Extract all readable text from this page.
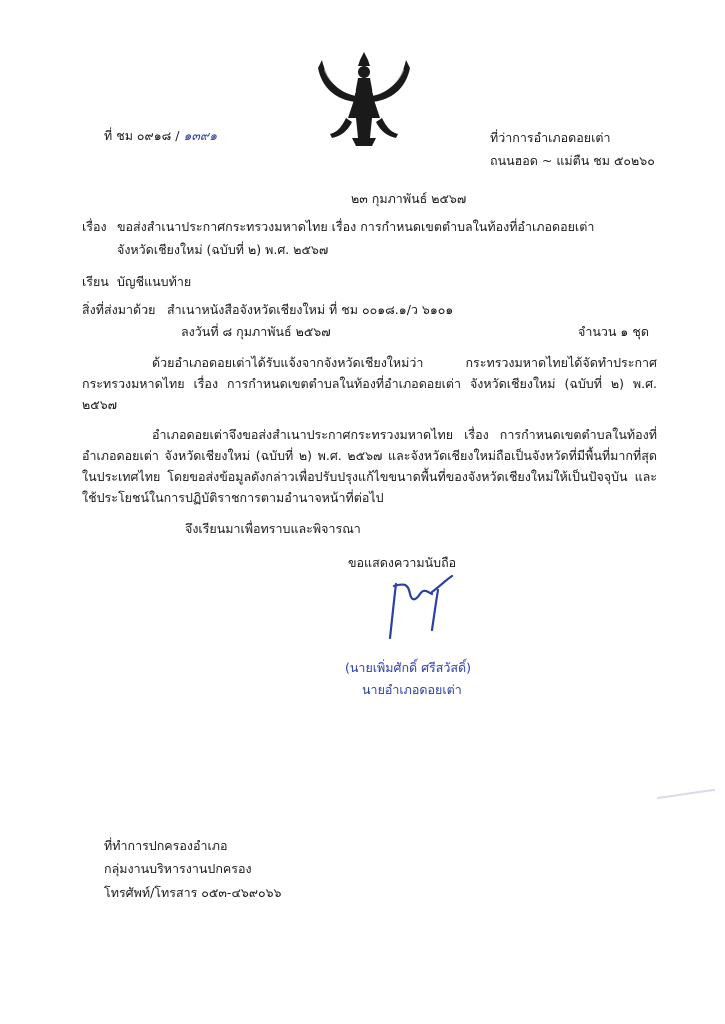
ที่ ชม ๐๙๑๘ / ๑๓๙๑	ที่ว่าการอำเภอดอยเต่า
ถนนฮอด ~ แม่ตืน ชม ๕๐๒๖๐
๒๓ กุมภาพันธ์ ๒๕๖๗
เรื่อง ขอส่งสำเนาประกาศกระทรวงมหาดไทย เรื่อง การกำหนดเขตตำบลในท้องที่อำเภอดอยเต่า
จังหวัดเชียงใหม่ (ฉบับที่ ๒) พ.ศ. ๒๕๖๗
เรียน บัญชีแนบท้าย
สิ่งที่ส่งมาด้วย สำเนาหนังสือจังหวัดเชียงใหม่ ที่ ชม ๐๐๑๘.๑/ว ๖๑๐๑
ลงวันที่ ๘ กุมภาพันธ์ ๒๕๖๗	จำนวน ๑ ชุด
ด้วยอำเภอดอยเต่าได้รับแจ้งจากจังหวัดเชียงใหม่ว่า กระทรวงมหาดไทยได้จัดทำประกาศกระทรวงมหาดไทย เรื่อง การกำหนดเขตตำบลในท้องที่อำเภอดอยเต่า จังหวัดเชียงใหม่ (ฉบับที่ ๒) พ.ศ. ๒๕๖๗
อำเภอดอยเต่าจึงขอส่งสำเนาประกาศกระทรวงมหาดไทย เรื่อง การกำหนดเขตตำบลในท้องที่อำเภอดอยเต่า จังหวัดเชียงใหม่ (ฉบับที่ ๒) พ.ศ. ๒๕๖๗ และจังหวัดเชียงใหม่ถือเป็นจังหวัดที่มีพื้นที่มากที่สุดในประเทศไทย โดยขอส่งข้อมูลดังกล่าวเพื่อปรับปรุงแก้ไขขนาดพื้นที่ของจังหวัดเชียงใหม่ให้เป็นปัจจุบัน และใช้ประโยชน์ในการปฏิบัติราชการตามอำนาจหน้าที่ต่อไป
จึงเรียนมาเพื่อทราบและพิจารณา
ขอแสดงความนับถือ
(นายเพิ่มศักดิ์ ศรีสวัสดิ์)
นายอำเภอดอยเต่า
ที่ทำการปกครองอำเภอ
กลุ่มงานบริหารงานปกครอง
โทรศัพท์/โทรสาร ๐๕๓-๔๖๙๐๖๖
